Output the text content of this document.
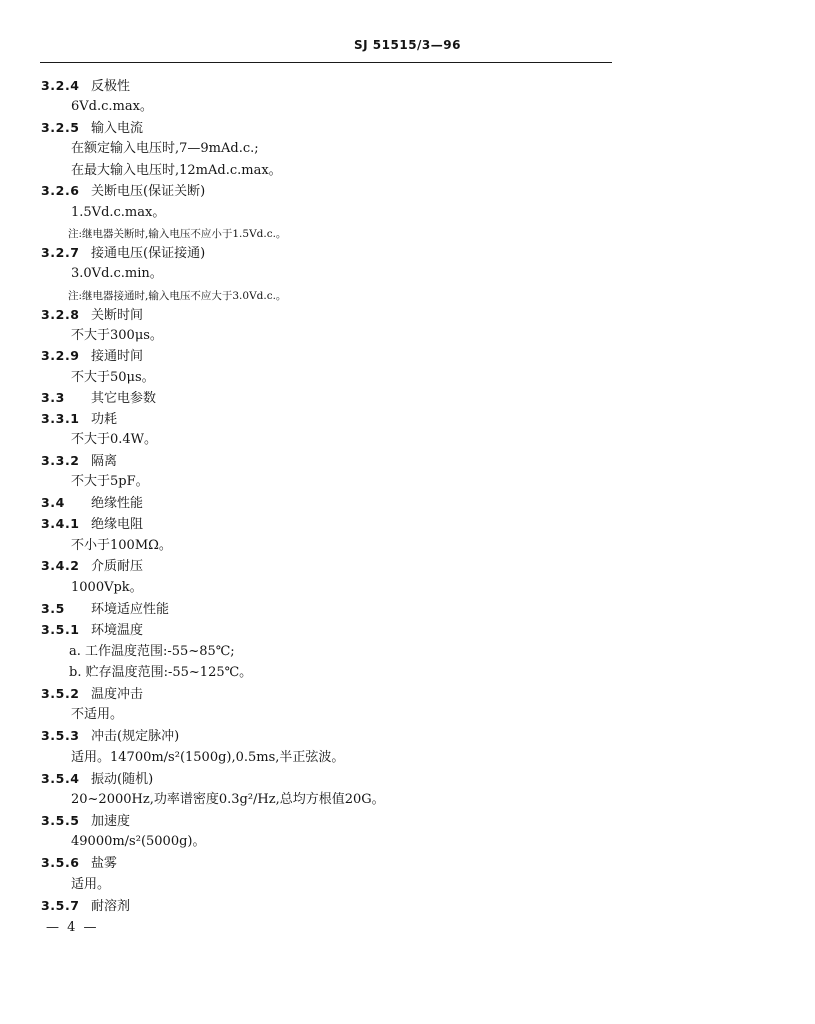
SJ 51515/3—96
3.2.4 反极性
6Vd.c.max。
3.2.5 输入电流
在额定输入电压时,7—9mAd.c.;
在最大输入电压时,12mAd.c.max。
3.2.6 关断电压(保证关断)
1.5Vd.c.max。
注:继电器关断时,输入电压不应小于1.5Vd.c.。
3.2.7 接通电压(保证接通)
3.0Vd.c.min。
注:继电器接通时,输入电压不应大于3.0Vd.c.。
3.2.8 关断时间
不大于300μs。
3.2.9 接通时间
不大于50μs。
3.3 其它电参数
3.3.1 功耗
不大于0.4W。
3.3.2 隔离
不大于5pF。
3.4 绝缘性能
3.4.1 绝缘电阻
不小于100MΩ。
3.4.2 介质耐压
1000Vpk。
3.5 环境适应性能
3.5.1 环境温度
a. 工作温度范围:-55~85℃;
b. 贮存温度范围:-55~125℃。
3.5.2 温度冲击
不适用。
3.5.3 冲击(规定脉冲)
适用。14700m/s²(1500g),0.5ms,半正弦波。
3.5.4 振动(随机)
20~2000Hz,功率谱密度0.3g²/Hz,总均方根值20G。
3.5.5 加速度
49000m/s²(5000g)。
3.5.6 盐雾
适用。
3.5.7 耐溶剂
— 4 —
